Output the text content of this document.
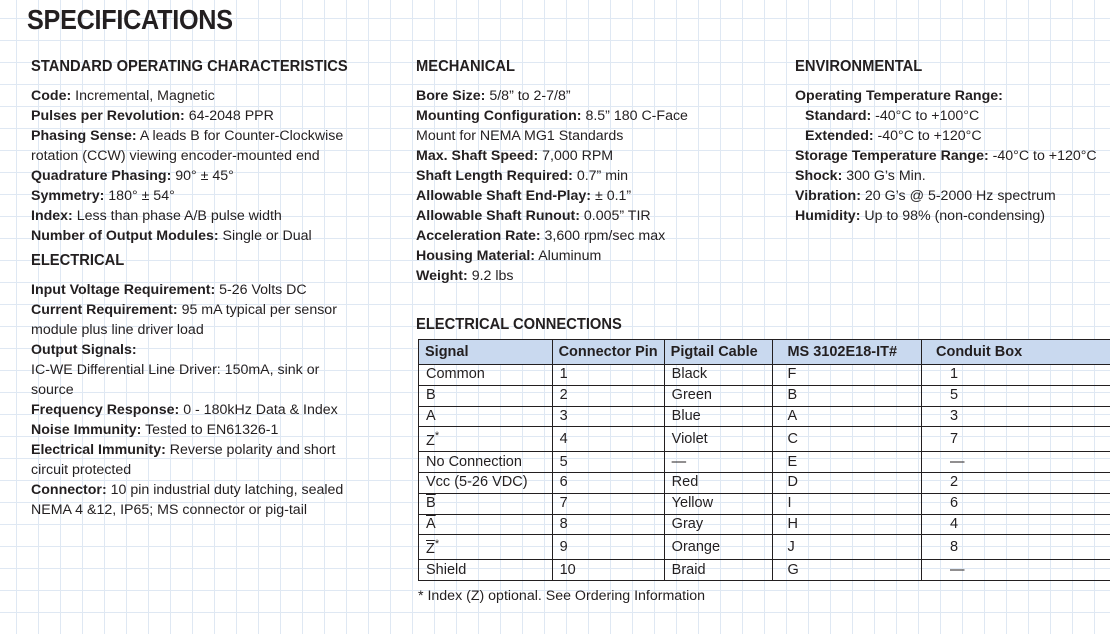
SPECIFICATIONS
STANDARD OPERATING CHARACTERISTICS
Code: Incremental, Magnetic
Pulses per Revolution: 64-2048 PPR
Phasing Sense: A leads B for Counter-Clockwise
rotation (CCW) viewing encoder-mounted end
Quadrature Phasing: 90° ± 45°
Symmetry: 180° ± 54°
Index: Less than phase A/B pulse width
Number of Output Modules: Single or Dual
ELECTRICAL
Input Voltage Requirement: 5-26 Volts DC
Current Requirement: 95 mA typical per sensor
module plus line driver load
Output Signals:
IC-WE Differential Line Driver: 150mA, sink or
source
Frequency Response: 0 - 180kHz Data & Index
Noise Immunity: Tested to EN61326-1
Electrical Immunity: Reverse polarity and short
circuit protected
Connector: 10 pin industrial duty latching, sealed
NEMA 4 &12, IP65; MS connector or pig-tail
MECHANICAL
Bore Size: 5/8” to 2-7/8”
Mounting Configuration: 8.5” 180 C-Face
Mount for NEMA MG1 Standards
Max. Shaft Speed: 7,000 RPM
Shaft Length Required: 0.7” min
Allowable Shaft End-Play: ± 0.1”
Allowable Shaft Runout: 0.005” TIR
Acceleration Rate: 3,600 rpm/sec max
Housing Material: Aluminum
Weight: 9.2 lbs
ENVIRONMENTAL
Operating Temperature Range:
Standard: -40°C to +100°C
Extended: -40°C to +120°C
Storage Temperature Range: -40°C to +120°C
Shock: 300 G’s Min.
Vibration: 20 G’s @ 5-2000 Hz spectrum
Humidity: Up to 98% (non-condensing)
ELECTRICAL CONNECTIONS
Signal	Connector Pin	Pigtail Cable	MS 3102E18-IT#	Conduit Box
Common	1	Black	F	1
B	2	Green	B	5
A	3	Blue	A	3
Z*	4	Violet	C	7
No Connection	5	—	E	—
Vcc (5-26 VDC)	6	Red	D	2
$\overline{B}$	7	Yellow	I	6
$\overline{A}$	8	Gray	H	4
$\overline{Z}^*$	9	Orange	J	8
Shield	10	Braid	G	—
* Index (Z) optional. See Ordering Information
